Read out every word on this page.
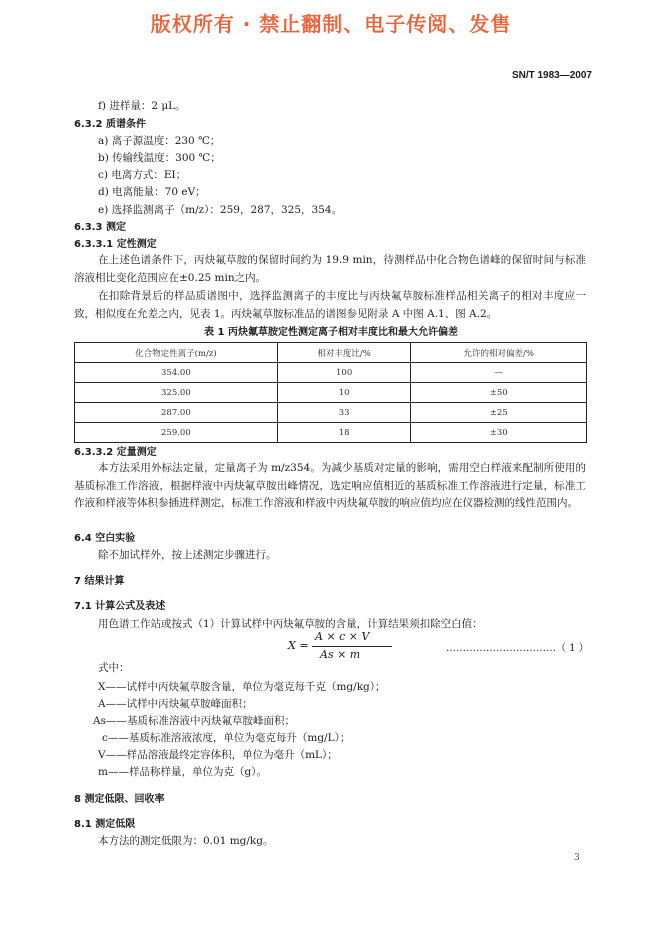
版权所有 · 禁止翻制、电子传阅、发售
SN/T 1983—2007
f) 进样量：2 μL。
6.3.2 质谱条件
a) 离子源温度：230 ℃；
b) 传输线温度：300 ℃；
c) 电离方式：EI；
d) 电离能量：70 eV；
e) 选择监测离子（m/z）：259，287，325，354。
6.3.3 测定
6.3.3.1 定性测定
在上述色谱条件下，丙炔氟草胺的保留时间约为 19.9 min，待测样品中化合物色谱峰的保留时间与标准溶液相比变化范围应在±0.25 min之内。
在扣除背景后的样品质谱图中，选择监测离子的丰度比与丙炔氟草胺标准样品相关离子的相对丰度应一致，相似度在允差之内，见表 1。丙炔氟草胺标准品的谱图参见附录 A 中图 A.1、图 A.2。
表 1 丙炔氟草胺定性测定离子相对丰度比和最大允许偏差
化合物定性离子(m/z)	相对丰度比/%	允许的相对偏差/%
354.00	100	—
325.00	10	±50
287.00	33	±25
259.00	18	±30
6.3.3.2 定量测定
本方法采用外标法定量，定量离子为 m/z354。为减少基质对定量的影响，需用空白样液来配制所使用的基质标准工作溶液，根据样液中丙炔氟草胺出峰情况，选定响应值相近的基质标准工作溶液进行定量，标准工作液和样液等体积参插进样测定，标准工作溶液和样液中丙炔氟草胺的响应值均应在仪器检测的线性范围内。
6.4 空白实验
除不加试样外，按上述测定步骤进行。
7 结果计算
7.1 计算公式及表述
用色谱工作站或按式（1）计算试样中丙炔氟草胺的含量，计算结果须扣除空白值：
X =
A × c × V
As × m	……………………………（ 1 ）
式中：
X——试样中丙炔氟草胺含量，单位为毫克每千克（mg/kg）；
A——试样中丙炔氟草胺峰面积；
As——基质标准溶液中丙炔氟草胺峰面积；
c——基质标准溶液浓度，单位为毫克每升（mg/L）；
V——样品溶液最终定容体积，单位为毫升（mL）；
m——样品称样量，单位为克（g）。
8 测定低限、回收率
8.1 测定低限
本方法的测定低限为：0.01 mg/kg。
3
